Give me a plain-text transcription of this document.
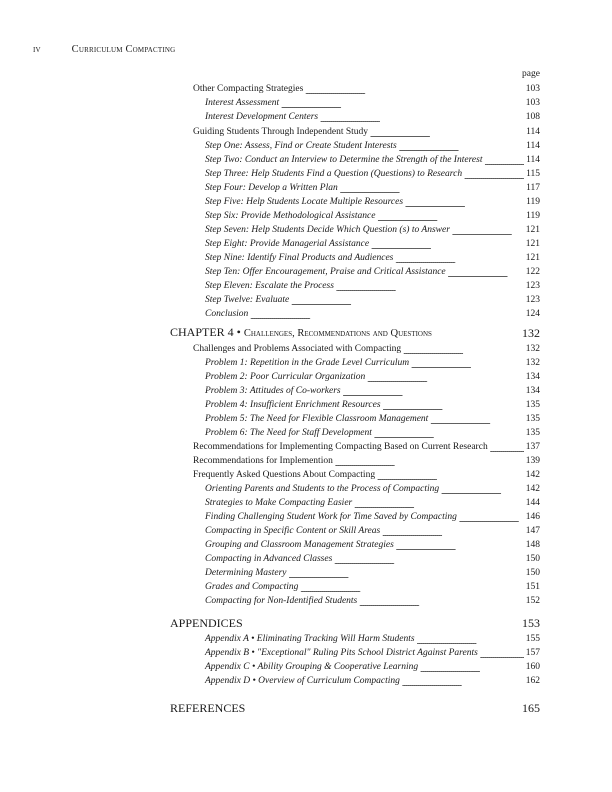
iv	Curriculum Compacting
page
Other Compacting Strategies . . .	103
Interest Assessment . . .	103
Interest Development Centers . . .	108
Guiding Students Through Independent Study . . .	114
Step One: Assess, Find or Create Student Interests . . .	114
Step Two: Conduct an Interview to Determine the Strength of the Interest . . .	114
Step Three: Help Students Find a Question (Questions) to Research . . .	115
Step Four: Develop a Written Plan . . .	117
Step Five: Help Students Locate Multiple Resources . . .	119
Step Six: Provide Methodological Assistance . . .	119
Step Seven: Help Students Decide Which Question (s) to Answer . . .	121
Step Eight: Provide Managerial Assistance . . .	121
Step Nine: Identify Final Products and Audiences . . .	121
Step Ten: Offer Encouragement, Praise and Critical Assistance . . .	122
Step Eleven: Escalate the Process . . .	123
Step Twelve: Evaluate . . .	123
Conclusion . . .	124
CHAPTER 4 • Challenges, Recommendations and Questions . . .	132
Challenges and Problems Associated with Compacting . . .	132
Problem 1: Repetition in the Grade Level Curriculum . . .	132
Problem 2: Poor Curricular Organization . . .	134
Problem 3: Attitudes of Co-workers . . .	134
Problem 4: Insufficient Enrichment Resources . . .	135
Problem 5: The Need for Flexible Classroom Management . . .	135
Problem 6: The Need for Staff Development . . .	135
Recommendations for Implementing Compacting Based on Current Research . . .	137
Recommendations for Implemention . . .	139
Frequently Asked Questions About Compacting . . .	142
Orienting Parents and Students to the Process of Compacting . . .	142
Strategies to Make Compacting Easier . . .	144
Finding Challenging Student Work for Time Saved by Compacting . . .	146
Compacting in Specific Content or Skill Areas . . .	147
Grouping and Classroom Management Strategies . . .	148
Compacting in Advanced Classes . . .	150
Determining Mastery . . .	150
Grades and Compacting . . .	151
Compacting for Non-Identified Students . . .	152
APPENDICES . . .	153
Appendix A • Eliminating Tracking Will Harm Students . . .	155
Appendix B • "Exceptional" Ruling Pits School District Against Parents . . .	157
Appendix C • Ability Grouping & Cooperative Learning . . .	160
Appendix D • Overview of Curriculum Compacting . . .	162
REFERENCES . . .	165
